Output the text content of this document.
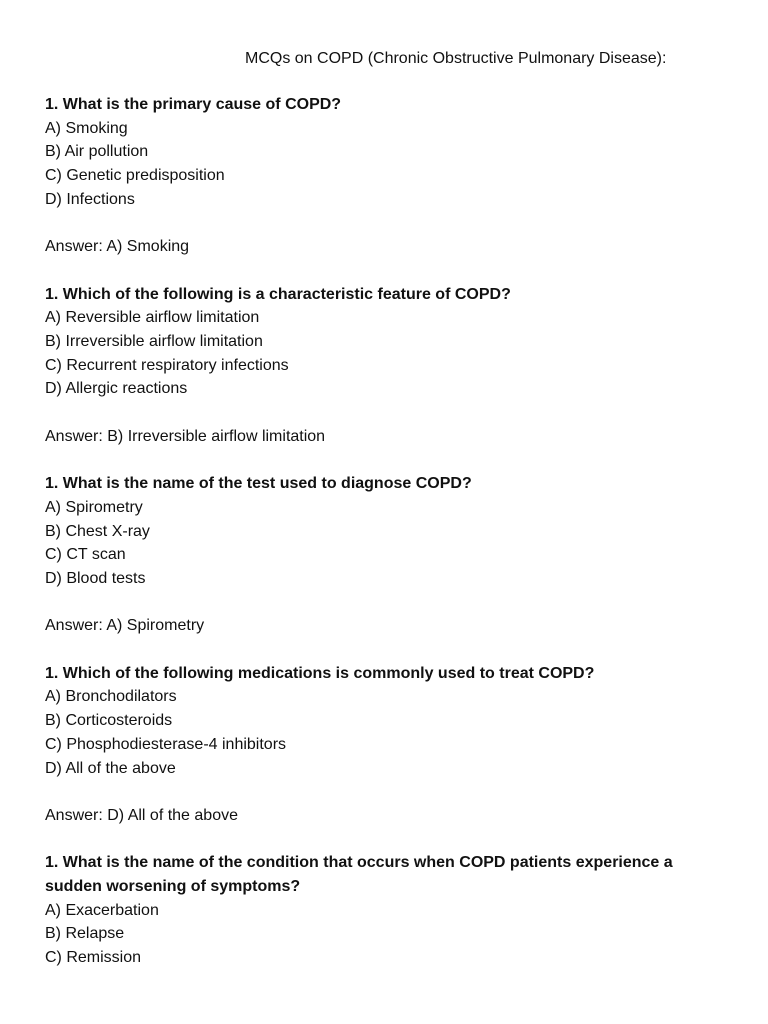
MCQs on COPD (Chronic Obstructive Pulmonary Disease):

1. What is the primary cause of COPD?

A) Smoking

B) Air pollution

C) Genetic predisposition

D) Infections

Answer: A) Smoking

1. Which of the following is a characteristic feature of COPD?

A) Reversible airflow limitation

B) Irreversible airflow limitation

C) Recurrent respiratory infections

D) Allergic reactions

Answer: B) Irreversible airflow limitation

1. What is the name of the test used to diagnose COPD?

A) Spirometry

B) Chest X-ray

C) CT scan

D) Blood tests

Answer: A) Spirometry

1. Which of the following medications is commonly used to treat COPD?

A) Bronchodilators

B) Corticosteroids

C) Phosphodiesterase-4 inhibitors

D) All of the above

Answer: D) All of the above

1. What is the name of the condition that occurs when COPD patients experience a sudden worsening of symptoms?

A) Exacerbation

B) Relapse

C) Remission
